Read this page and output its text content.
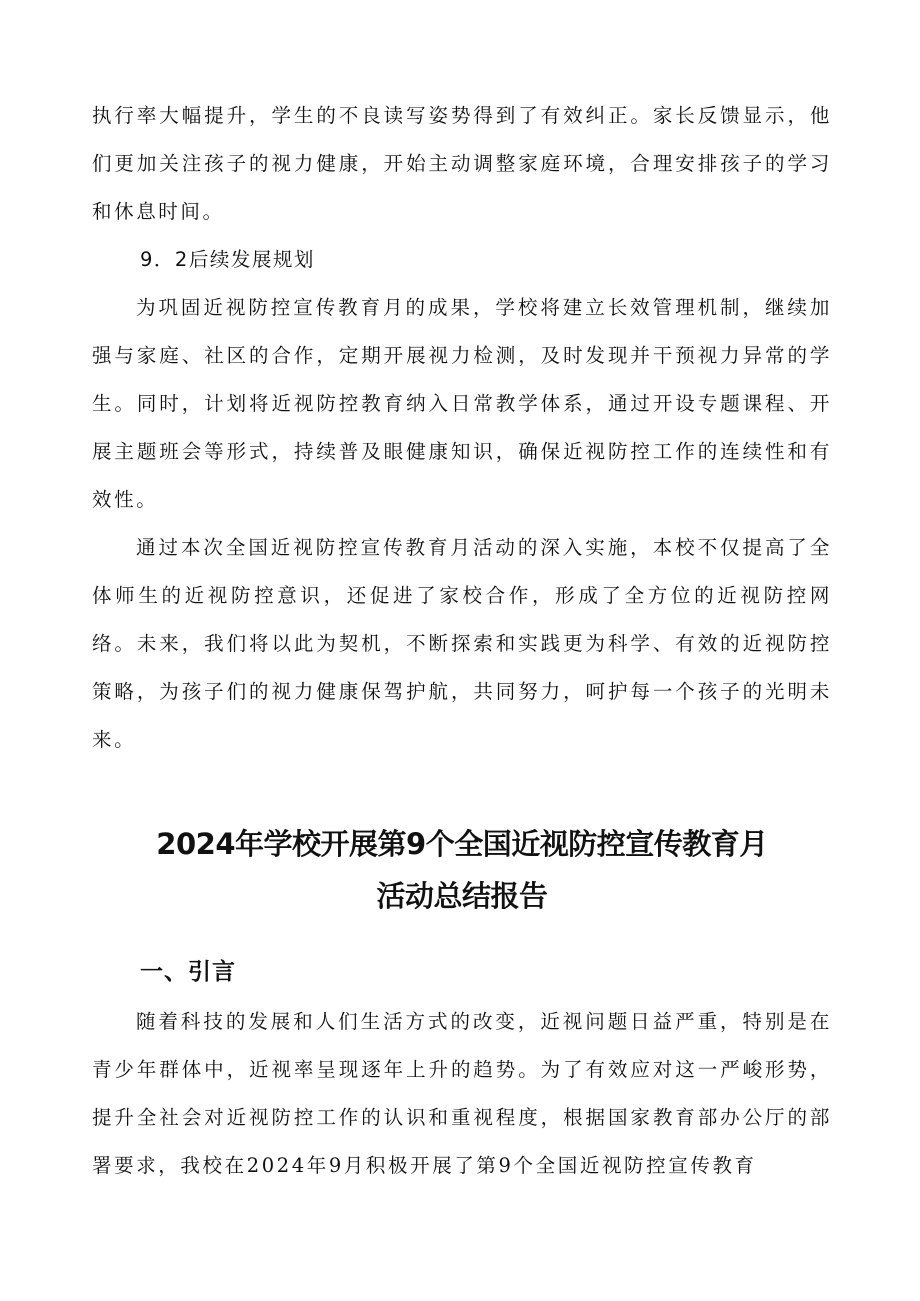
执行率大幅提升，学生的不良读写姿势得到了有效纠正。家长反馈显示，他们更加关注孩子的视力健康，开始主动调整家庭环境，合理安排孩子的学习和休息时间。

9．2后续发展规划

为巩固近视防控宣传教育月的成果，学校将建立长效管理机制，继续加强与家庭、社区的合作，定期开展视力检测，及时发现并干预视力异常的学生。同时，计划将近视防控教育纳入日常教学体系，通过开设专题课程、开展主题班会等形式，持续普及眼健康知识，确保近视防控工作的连续性和有效性。

通过本次全国近视防控宣传教育月活动的深入实施，本校不仅提高了全体师生的近视防控意识，还促进了家校合作，形成了全方位的近视防控网络。未来，我们将以此为契机，不断探索和实践更为科学、有效的近视防控策略，为孩子们的视力健康保驾护航，共同努力，呵护每一个孩子的光明未来。

2024年学校开展第9个全国近视防控宣传教育月
活动总结报告
一、引言

随着科技的发展和人们生活方式的改变，近视问题日益严重，特别是在青少年群体中，近视率呈现逐年上升的趋势。为了有效应对这一严峻形势，提升全社会对近视防控工作的认识和重视程度，根据国家教育部办公厅的部署要求，我校在2024年9月积极开展了第9个全国近视防控宣传教育
